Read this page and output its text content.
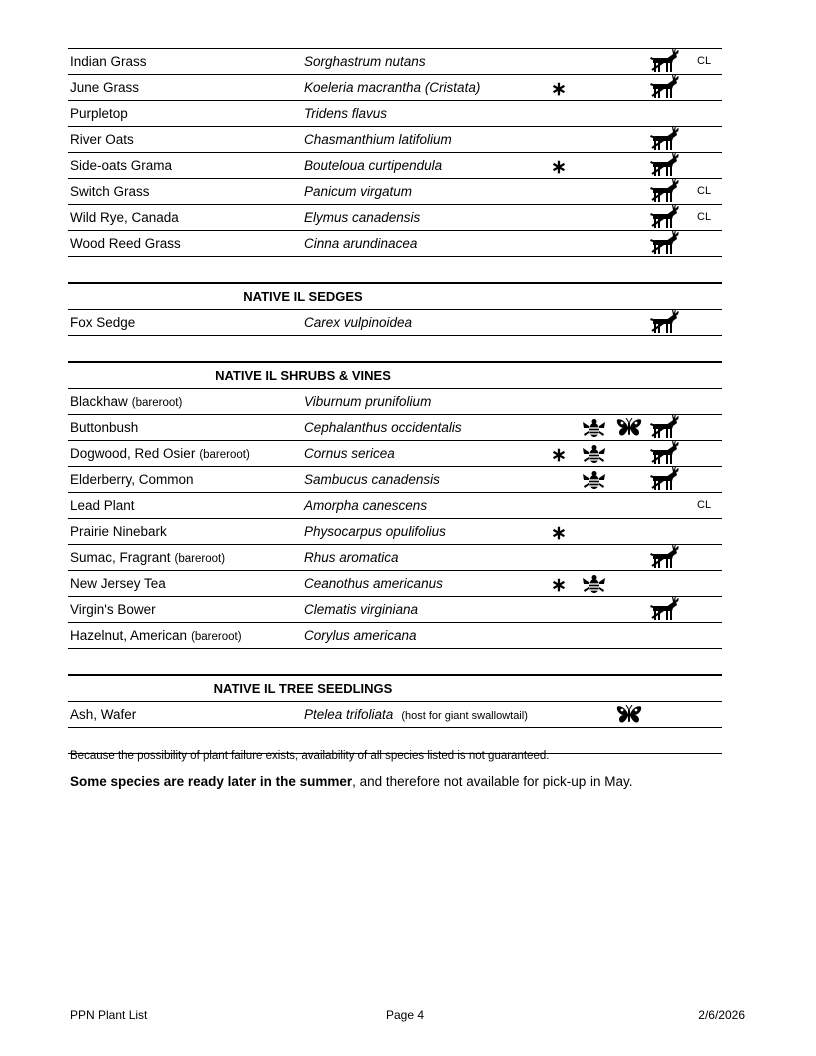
Indian Grass	Sorghastrum nutans	CL
June Grass	Koeleria macrantha (Cristata)	∗
Purpletop	Tridens flavus
River Oats	Chasmanthium latifolium
Side-oats Grama	Bouteloua curtipendula	∗
Switch Grass	Panicum virgatum	CL
Wild Rye, Canada	Elymus canadensis	CL
Wood Reed Grass	Cinna arundinacea
NATIVE IL SEDGES
Fox Sedge	Carex vulpinoidea
NATIVE IL SHRUBS & VINES
Blackhaw (bareroot)	Viburnum prunifolium
Buttonbush	Cephalanthus occidentalis
Dogwood, Red Osier (bareroot)	Cornus sericea	∗
Elderberry, Common	Sambucus canadensis
Lead Plant	Amorpha canescens	CL
Prairie Ninebark	Physocarpus opulifolius	∗
Sumac, Fragrant (bareroot)	Rhus aromatica
New Jersey Tea	Ceanothus americanus	∗
Virgin's Bower	Clematis virginiana
Hazelnut, American (bareroot)	Corylus americana
NATIVE IL TREE SEEDLINGS
Ash, Wafer	Ptelea trifoliata (host for giant swallowtail)
Because the possibility of plant failure exists, availability of all species listed is not guaranteed.
Some species are ready later in the summer, and therefore not available for pick-up in May.
PPN Plant List	Page 4	2/6/2026
